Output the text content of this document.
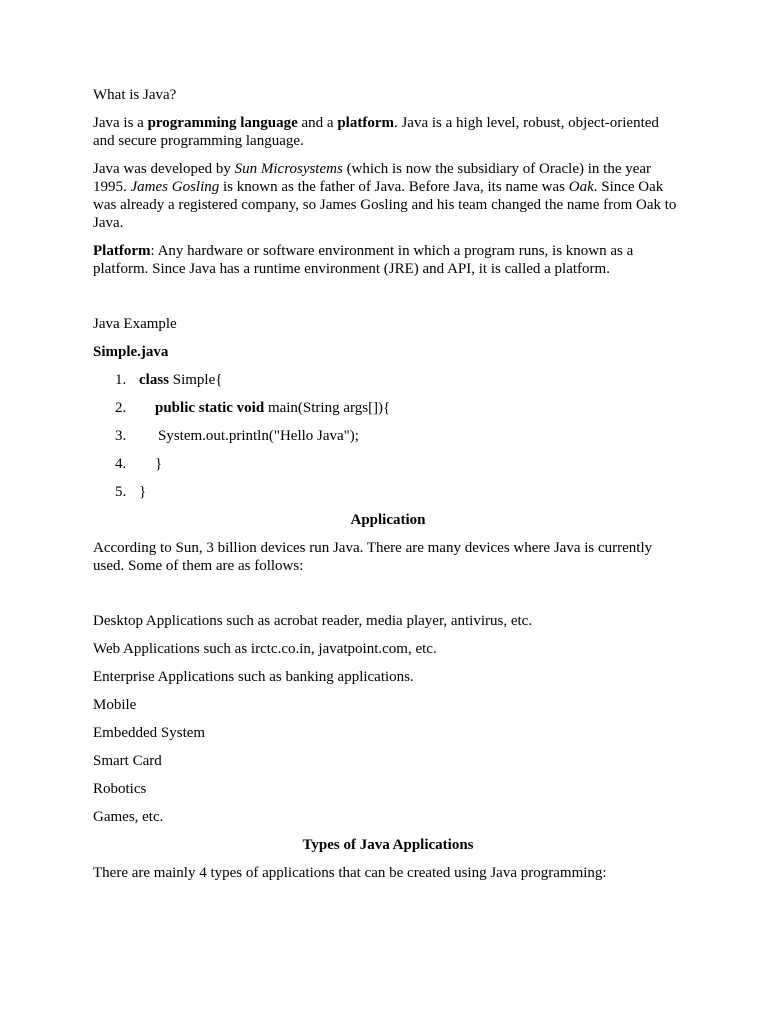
What is Java?

Java is a programming language and a platform. Java is a high level, robust, object-oriented and secure programming language.

Java was developed by Sun Microsystems (which is now the subsidiary of Oracle) in the year 1995. James Gosling is known as the father of Java. Before Java, its name was Oak. Since Oak was already a registered company, so James Gosling and his team changed the name from Oak to Java.

Platform: Any hardware or software environment in which a program runs, is known as a platform. Since Java has a runtime environment (JRE) and API, it is called a platform.

Java Example

Simple.java

1. class Simple{
2. public static void main(String args[]){
3. System.out.println("Hello Java");
4. }
5. }

Application

According to Sun, 3 billion devices run Java. There are many devices where Java is currently used. Some of them are as follows:

Desktop Applications such as acrobat reader, media player, antivirus, etc.

Web Applications such as irctc.co.in, javatpoint.com, etc.

Enterprise Applications such as banking applications.

Mobile

Embedded System

Smart Card

Robotics

Games, etc.

Types of Java Applications

There are mainly 4 types of applications that can be created using Java programming:
